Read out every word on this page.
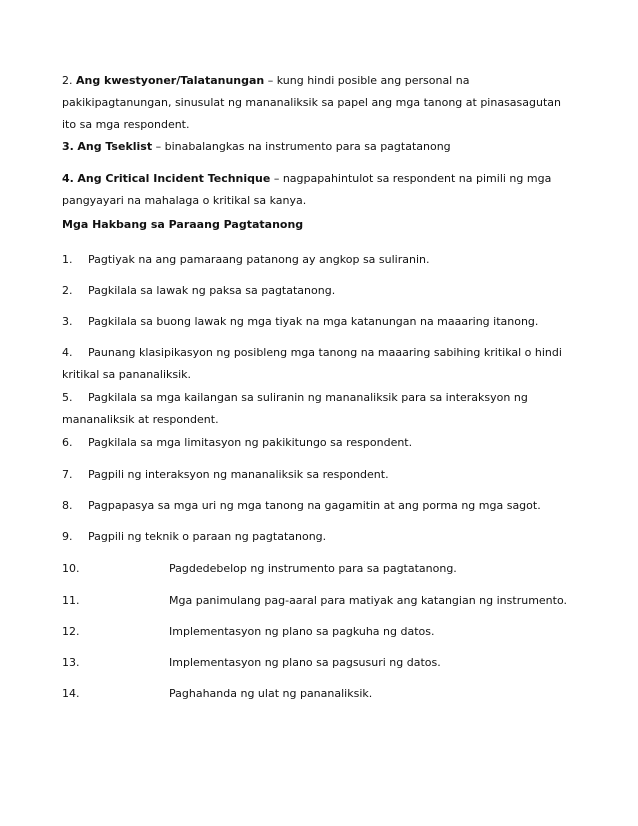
2. Ang kwestyoner/Talatanungan – kung hindi posible ang personal na pakikipagtanungan, sinusulat ng mananaliksik sa papel ang mga tanong at pinasasagutan ito sa mga respondent.
3. Ang Tseklist – binabalangkas na instrumento para sa pagtatanong
4. Ang Critical Incident Technique – nagpapahintulot sa respondent na pimili ng mga pangyayari na mahalaga o kritikal sa kanya.
Mga Hakbang sa Paraang Pagtatanong
1. Pagtiyak na ang pamaraang patanong ay angkop sa suliranin.
2. Pagkilala sa lawak ng paksa sa pagtatanong.
3. Pagkilala sa buong lawak ng mga tiyak na mga katanungan na maaaring itanong.
4. Paunang klasipikasyon ng posibleng mga tanong na maaaring sabihing kritikal o hindi kritikal sa pananaliksik.
5. Pagkilala sa mga kailangan sa suliranin ng mananaliksik para sa interaksyon ng mananaliksik at respondent.
6. Pagkilala sa mga limitasyon ng pakikitungo sa respondent.
7. Pagpili ng interaksyon ng mananaliksik sa respondent.
8. Pagpapasya sa mga uri ng mga tanong na gagamitin at ang porma ng mga sagot.
9. Pagpili ng teknik o paraan ng pagtatanong.
10.	Pagdedebelop ng instrumento para sa pagtatanong.
11.	Mga panimulang pag-aaral para matiyak ang katangian ng instrumento.
12.	Implementasyon ng plano sa pagkuha ng datos.
13.	Implementasyon ng plano sa pagsusuri ng datos.
14.	Paghahanda ng ulat ng pananaliksik.
